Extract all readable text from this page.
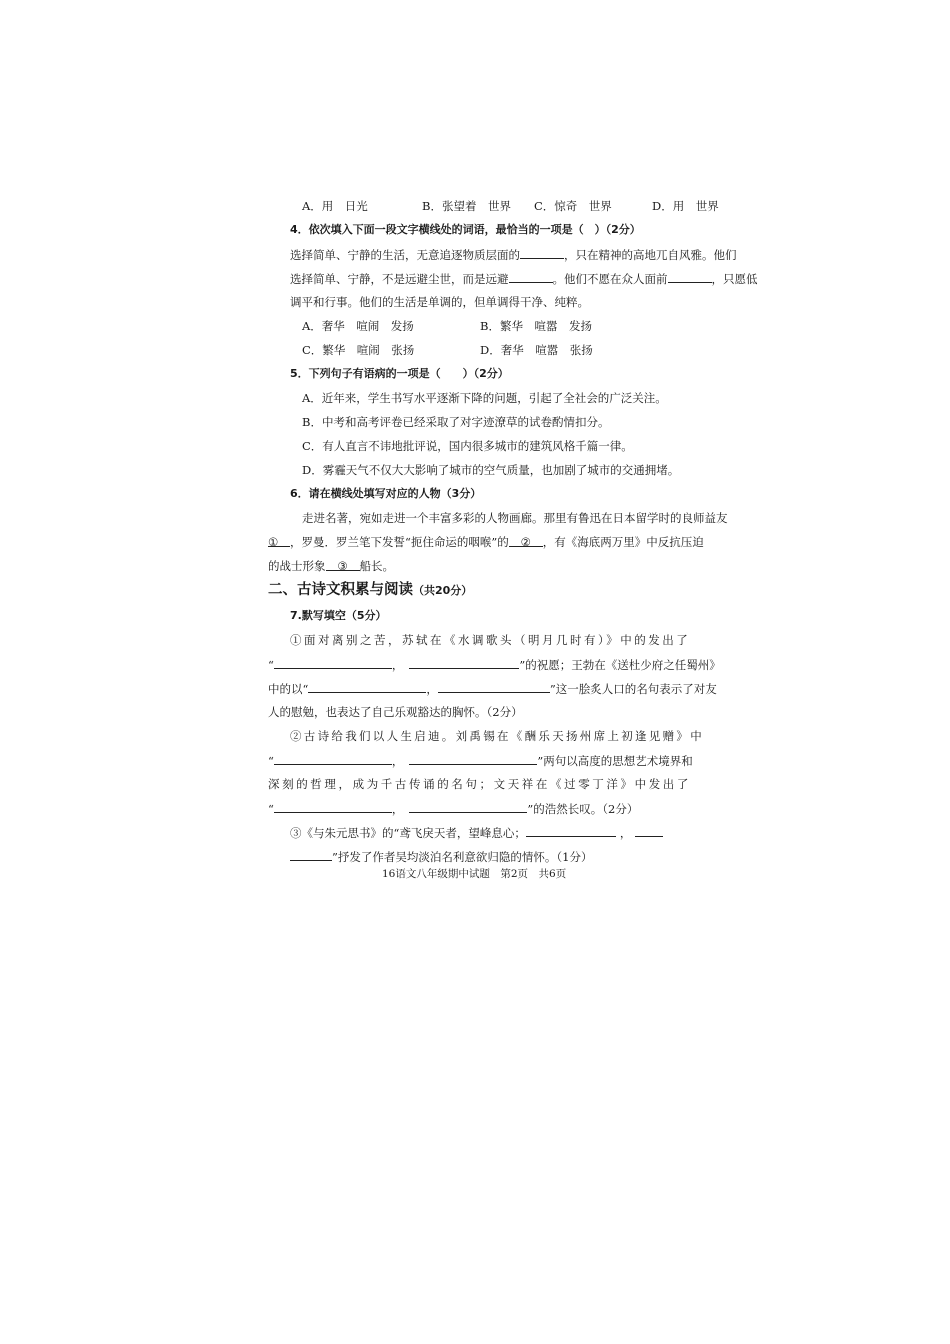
A．用　日光	B．张望着　世界 C．惊奇　世界	D．用　世界
4．依次填入下面一段文字横线处的词语，最恰当的一项是（　）（2分）
选择简单、宁静的生活，无意追逐物质层面的	，只在精神的高地兀自风雅。他们
选择简单、宁静，不是远避尘世，而是远避	。他们不愿在众人面前	，只愿低
调平和行事。他们的生活是单调的，但单调得干净、纯粹。
A．奢华　喧闹　发扬	B．繁华　喧嚣　发扬
C．繁华　喧闹　张扬	D．奢华　喧嚣　张扬
5．下列句子有语病的一项是（　　）（2分）
A．近年来，学生书写水平逐渐下降的问题，引起了全社会的广泛关注。
B．中考和高考评卷已经采取了对字迹潦草的试卷酌情扣分。
C．有人直言不讳地批评说，国内很多城市的建筑风格千篇一律。
D．雾霾天气不仅大大影响了城市的空气质量，也加剧了城市的交通拥堵。
6．请在横线处填写对应的人物（3分）
走进名著，宛如走进一个丰富多彩的人物画廊。那里有鲁迅在日本留学时的良师益友
① ，罗曼．罗兰笔下发誓“扼住命运的咽喉”的 ② ，有《海底两万里》中反抗压迫
的战士形象 ③ 船长。
二、古诗文积累与阅读（共20分）
7.默写填空（5分）
①面对离别之苦，苏轼在《水调歌头（明月几时有）》中的发出了
“	，	”的祝愿；王勃在《送杜少府之任蜀州》
中的以“	，	”这一脍炙人口的名句表示了对友
人的慰勉，也表达了自己乐观豁达的胸怀。（2分）
②古诗给我们以人生启迪。刘禹锡在《酬乐天扬州席上初逢见赠》中
“	，	”两句以高度的思想艺术境界和
深刻的哲理，成为千古传诵的名句；文天祥在《过零丁洋》中发出了
“	，	”的浩然长叹。（2分）
③《与朱元思书》的“鸢飞戾天者，望峰息心；	，
”抒发了作者吴均淡泊名利意欲归隐的情怀。（1分）
16语文八年级期中试题　第2页　共6页
